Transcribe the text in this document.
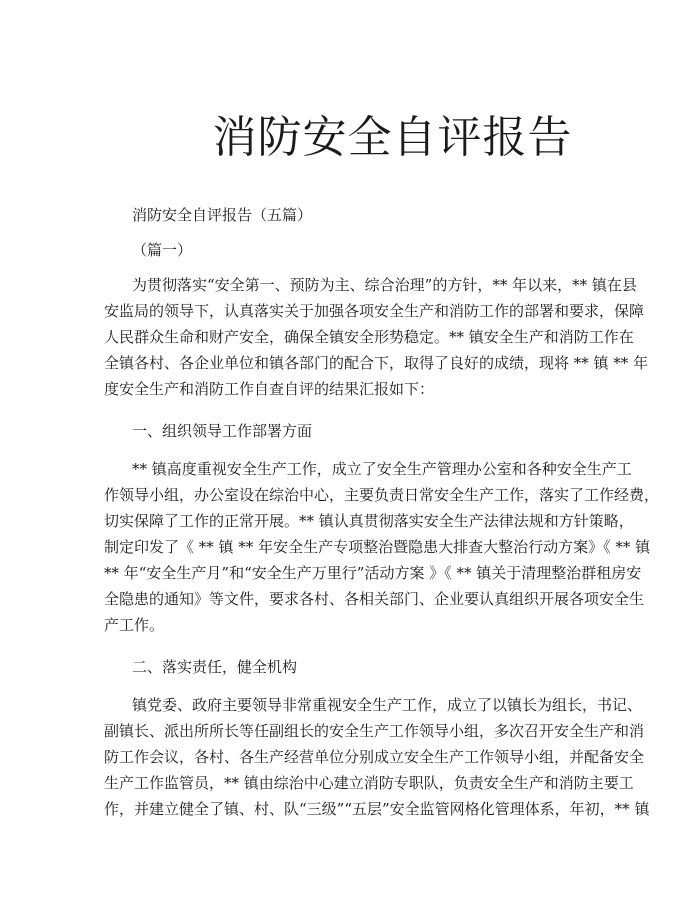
消防安全自评报告
消防安全自评报告（五篇）
（篇一）
为贯彻落实“安全第一、预防为主、综合治理”的方针，** 年以来，** 镇在县
安监局的领导下，认真落实关于加强各项安全生产和消防工作的部署和要求，保障
人民群众生命和财产安全，确保全镇安全形势稳定。** 镇安全生产和消防工作在
全镇各村、各企业单位和镇各部门的配合下，取得了良好的成绩，现将 ** 镇 ** 年
度安全生产和消防工作自查自评的结果汇报如下：
一、组织领导工作部署方面
** 镇高度重视安全生产工作，成立了安全生产管理办公室和各种安全生产工
作领导小组，办公室设在综治中心，主要负责日常安全生产工作，落实了工作经费，
切实保障了工作的正常开展。** 镇认真贯彻落实安全生产法律法规和方针策略，
制定印发了《 ** 镇 ** 年安全生产专项整治暨隐患大排查大整治行动方案》《 ** 镇
** 年“安全生产月”和“安全生产万里行”活动方案 》《 ** 镇关于清理整治群租房安
全隐患的通知》等文件，要求各村、各相关部门、企业要认真组织开展各项安全生
产工作。
二、落实责任，健全机构
镇党委、政府主要领导非常重视安全生产工作，成立了以镇长为组长，书记、
副镇长、派出所所长等任副组长的安全生产工作领导小组，多次召开安全生产和消
防工作会议，各村、各生产经营单位分别成立安全生产工作领导小组，并配备安全
生产工作监管员，** 镇由综治中心建立消防专职队，负责安全生产和消防主要工
作，并建立健全了镇、村、队“三级”“五层”安全监管网格化管理体系，年初，** 镇
